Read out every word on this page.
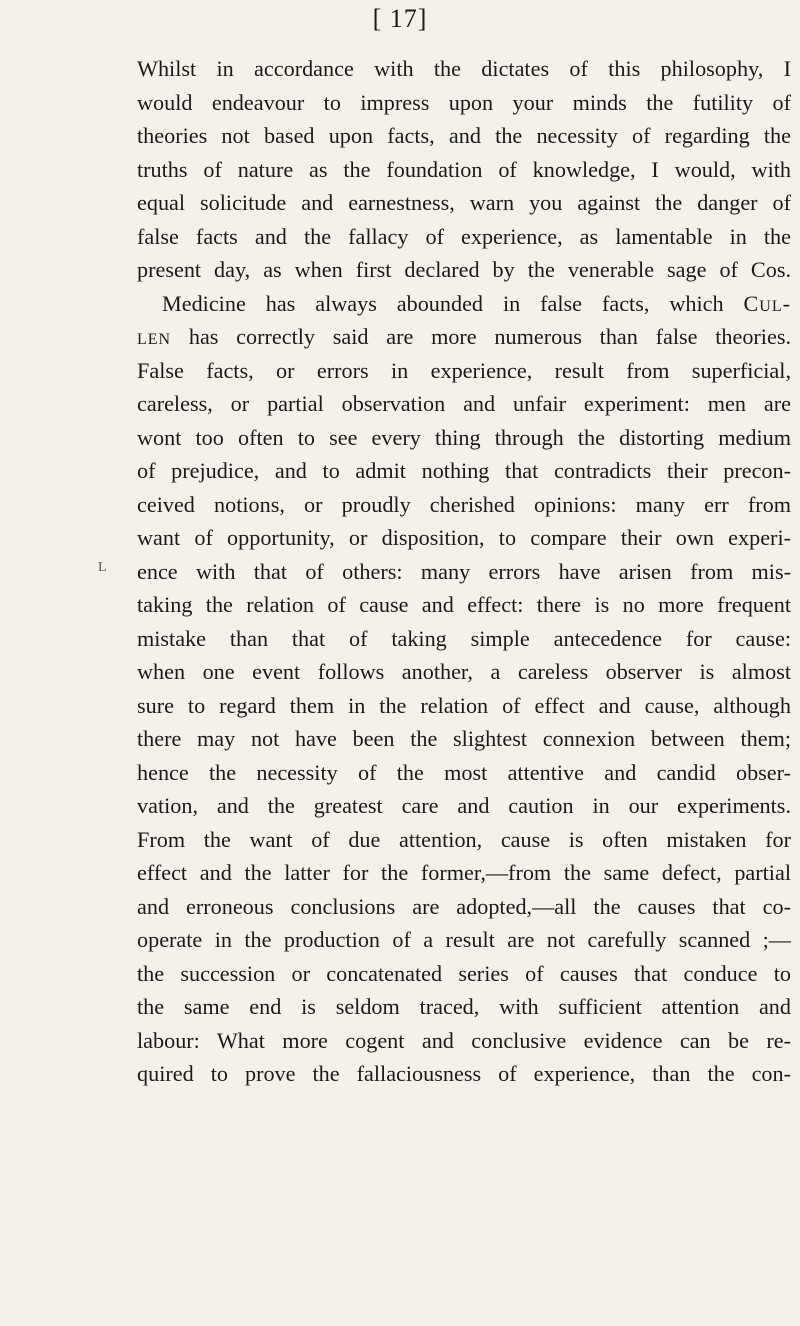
[ 17]
L
Whilst in accordance with the dictates of this philosophy, I
would endeavour to impress upon your minds the futility of
theories not based upon facts, and the necessity of regarding the
truths of nature as the foundation of knowledge, I would, with
equal solicitude and earnestness, warn you against the danger of
false facts and the fallacy of experience, as lamentable in the
present day, as when first declared by the venerable sage of Cos.
Medicine has always abounded in false facts, which Cul-
len has correctly said are more numerous than false theories.
False facts, or errors in experience, result from superficial,
careless, or partial observation and unfair experiment: men are
wont too often to see every thing through the distorting medium
of prejudice, and to admit nothing that contradicts their precon-
ceived notions, or proudly cherished opinions: many err from
want of opportunity, or disposition, to compare their own experi-
ence with that of others: many errors have arisen from mis-
taking the relation of cause and effect: there is no more frequent
mistake than that of taking simple antecedence for cause:
when one event follows another, a careless observer is almost
sure to regard them in the relation of effect and cause, although
there may not have been the slightest connexion between them;
hence the necessity of the most attentive and candid obser-
vation, and the greatest care and caution in our experiments.
From the want of due attention, cause is often mistaken for
effect and the latter for the former,—from the same defect, partial
and erroneous conclusions are adopted,—all the causes that co-
operate in the production of a result are not carefully scanned ;—
the succession or concatenated series of causes that conduce to
the same end is seldom traced, with sufficient attention and
labour: What more cogent and conclusive evidence can be re-
quired to prove the fallaciousness of experience, than the con-
